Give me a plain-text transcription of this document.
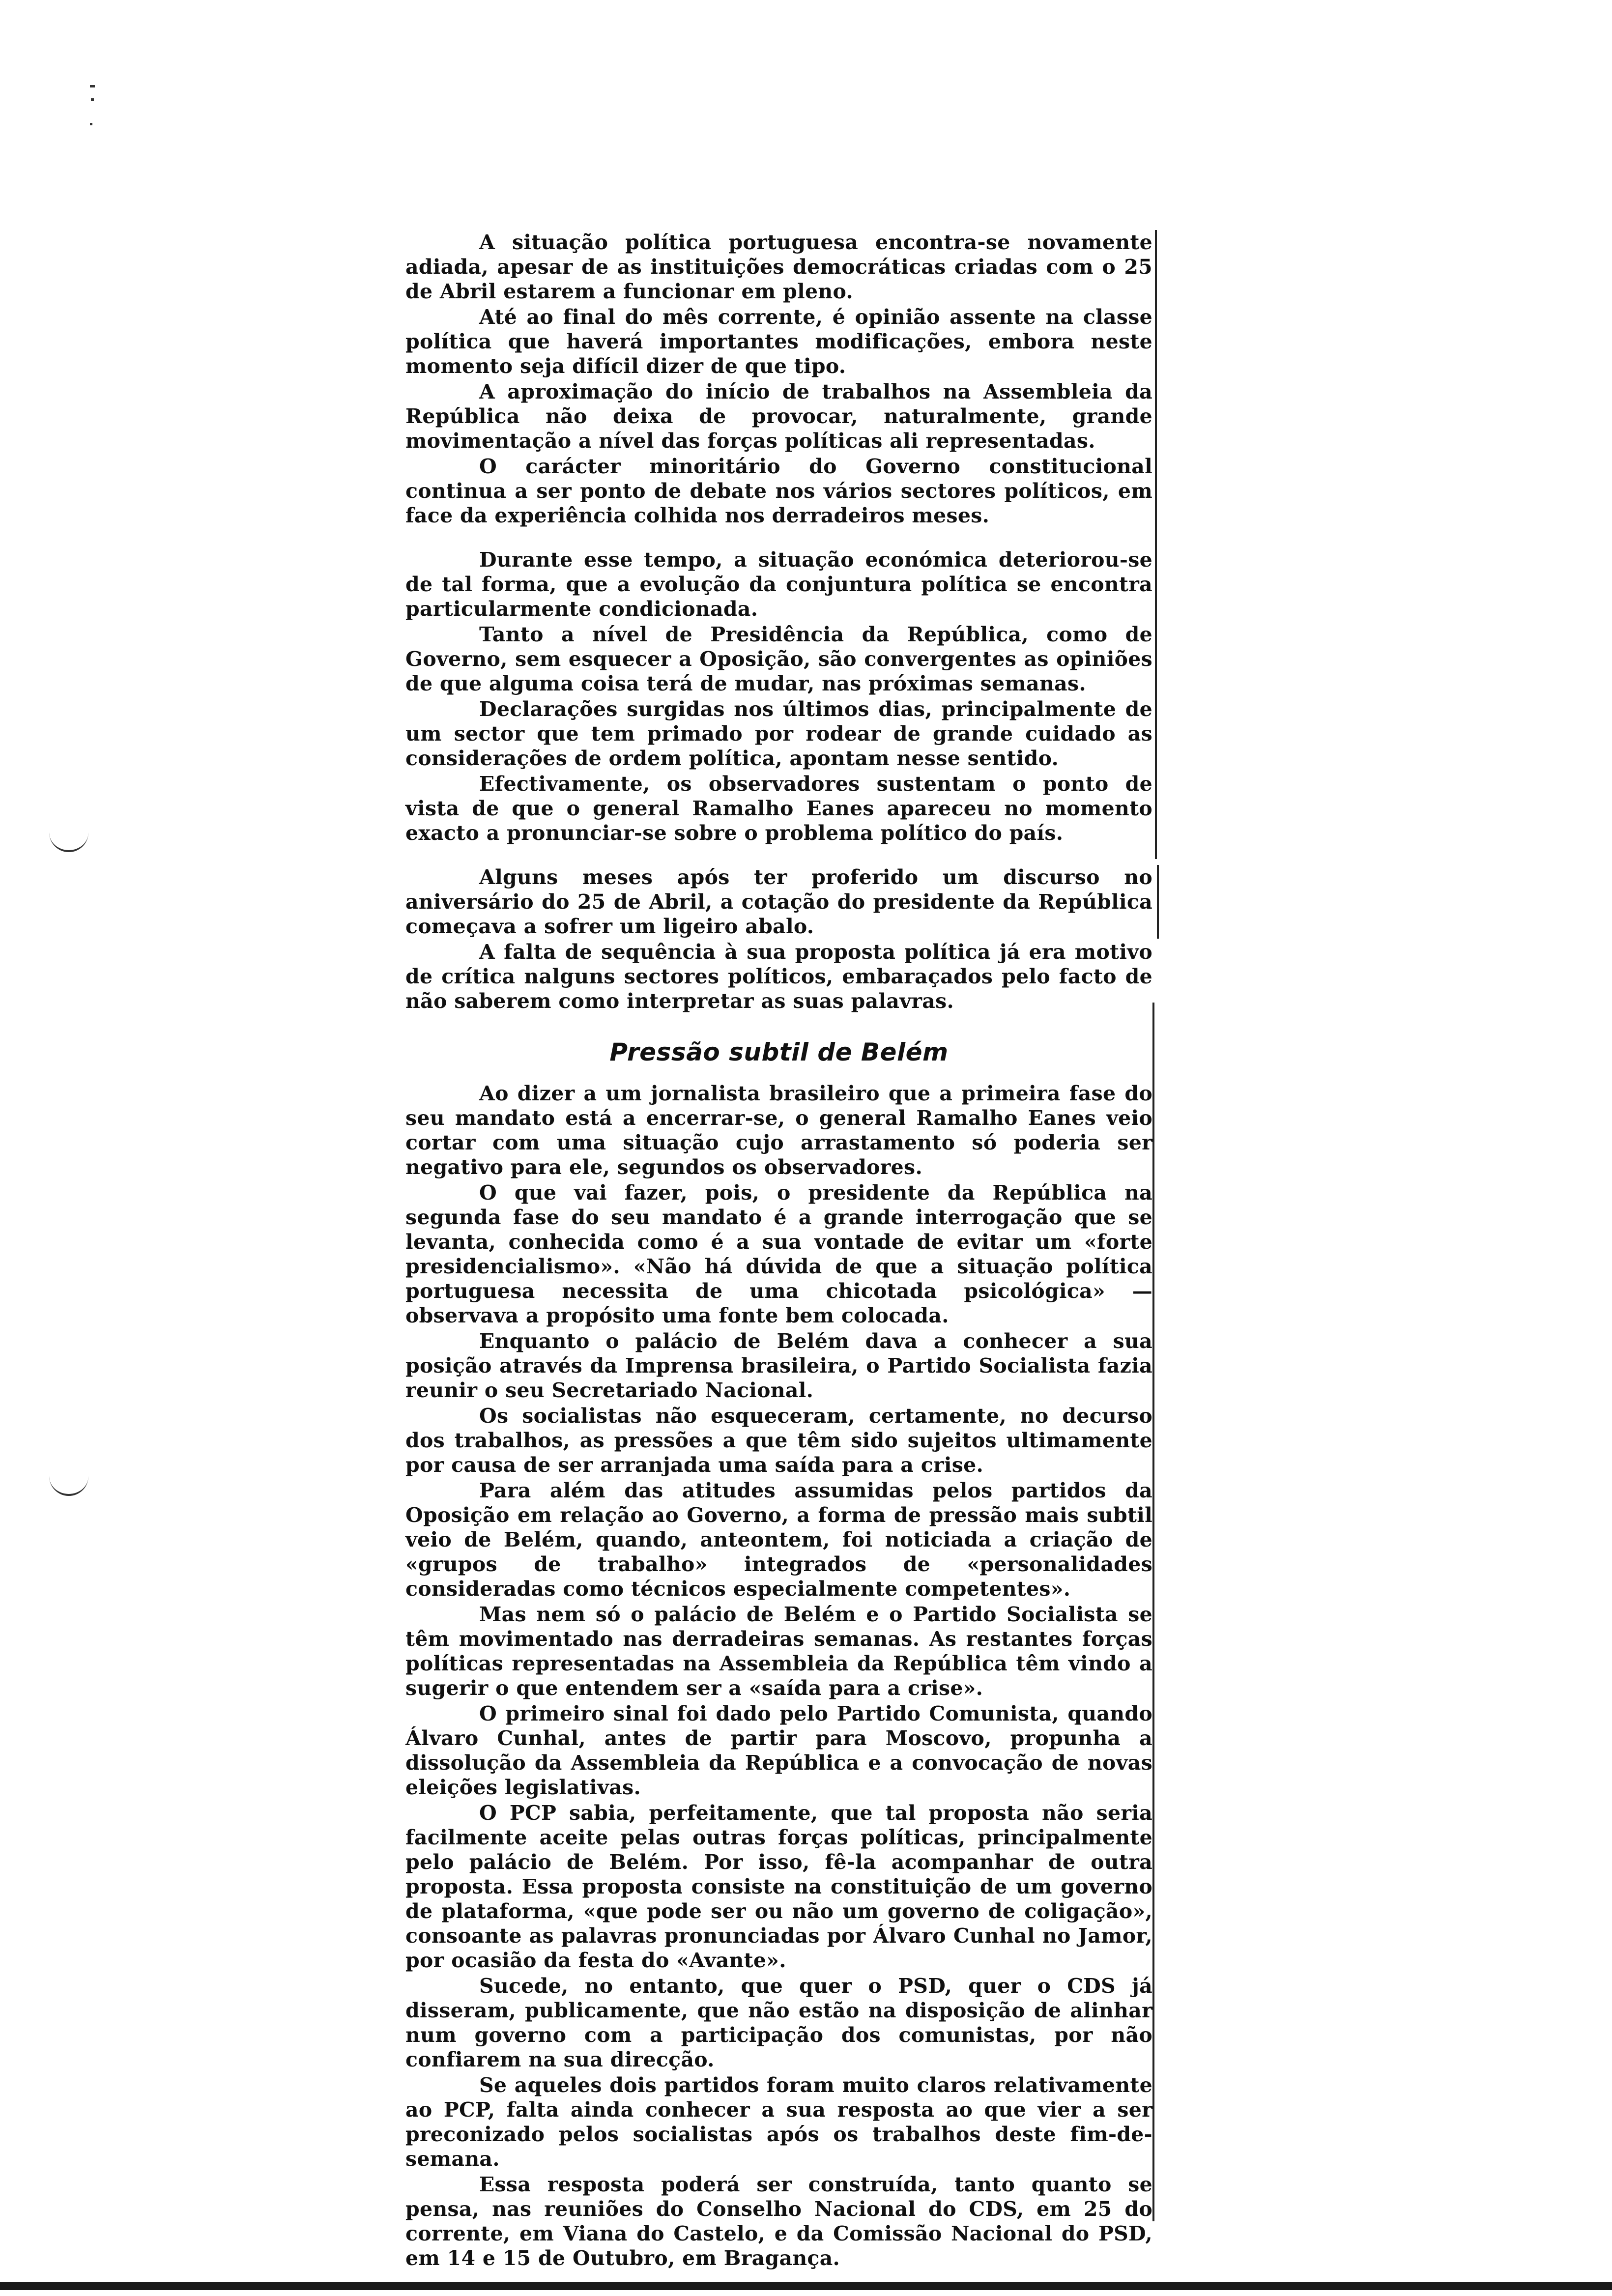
A situação política portuguesa encontra-se novamente adiada, apesar de as instituições democráticas criadas com o 25 de Abril estarem a funcionar em pleno.

Até ao final do mês corrente, é opinião assente na classe política que haverá importantes modificações, embora neste momento seja difícil dizer de que tipo.

A aproximação do início de trabalhos na Assembleia da República não deixa de provocar, naturalmente, grande movimentação a nível das forças políticas ali representadas.

O carácter minoritário do Governo constitucional continua a ser ponto de debate nos vários sectores políticos, em face da experiência colhida nos derradeiros meses.

Durante esse tempo, a situação económica deteriorou-se de tal forma, que a evolução da conjuntura política se encontra particularmente condicionada.

Tanto a nível de Presidência da República, como de Governo, sem esquecer a Oposição, são convergentes as opiniões de que alguma coisa terá de mudar, nas próximas semanas.

Declarações surgidas nos últimos dias, principalmente de um sector que tem primado por rodear de grande cuidado as considerações de ordem política, apontam nesse sentido.

Efectivamente, os observadores sustentam o ponto de vista de que o general Ramalho Eanes apareceu no momento exacto a pronunciar-se sobre o problema político do país.

Alguns meses após ter proferido um discurso no aniversário do 25 de Abril, a cotação do presidente da República começava a sofrer um ligeiro abalo.

A falta de sequência à sua proposta política já era motivo de crítica nalguns sectores políticos, embaraçados pelo facto de não saberem como interpretar as suas palavras.

Pressão subtil de Belém

Ao dizer a um jornalista brasileiro que a primeira fase do seu mandato está a encerrar-se, o general Ramalho Eanes veio cortar com uma situação cujo arrastamento só poderia ser negativo para ele, segundos os observadores.

O que vai fazer, pois, o presidente da República na segunda fase do seu mandato é a grande interrogação que se levanta, conhecida como é a sua vontade de evitar um «forte presidencialismo». «Não há dúvida de que a situação política portuguesa necessita de uma chicotada psicológica» — observava a propósito uma fonte bem colocada.

Enquanto o palácio de Belém dava a conhecer a sua posição através da Imprensa brasileira, o Partido Socialista fazia reunir o seu Secretariado Nacional.

Os socialistas não esqueceram, certamente, no decurso dos trabalhos, as pressões a que têm sido sujeitos ultimamente por causa de ser arranjada uma saída para a crise.

Para além das atitudes assumidas pelos partidos da Oposição em relação ao Governo, a forma de pressão mais subtil veio de Belém, quando, anteontem, foi noticiada a criação de «grupos de trabalho» integrados de «personalidades consideradas como técnicos especialmente competentes».

Mas nem só o palácio de Belém e o Partido Socialista se têm movimentado nas derradeiras semanas. As restantes forças políticas representadas na Assembleia da República têm vindo a sugerir o que entendem ser a «saída para a crise».

O primeiro sinal foi dado pelo Partido Comunista, quando Álvaro Cunhal, antes de partir para Moscovo, propunha a dissolução da Assembleia da República e a convocação de novas eleições legislativas.

O PCP sabia, perfeitamente, que tal proposta não seria facilmente aceite pelas outras forças políticas, principalmente pelo palácio de Belém. Por isso, fê-la acompanhar de outra proposta. Essa proposta consiste na constituição de um governo de plataforma, «que pode ser ou não um governo de coligação», consoante as palavras pronunciadas por Álvaro Cunhal no Jamor, por ocasião da festa do «Avante».

Sucede, no entanto, que quer o PSD, quer o CDS já disseram, publicamente, que não estão na disposição de alinhar num governo com a participação dos comunistas, por não confiarem na sua direcção.

Se aqueles dois partidos foram muito claros relativamente ao PCP, falta ainda conhecer a sua resposta ao que vier a ser preconizado pelos socialistas após os trabalhos deste fim-de-semana.

Essa resposta poderá ser construída, tanto quanto se pensa, nas reuniões do Conselho Nacional do CDS, em 25 do corrente, em Viana do Castelo, e da Comissão Nacional do PSD, em 14 e 15 de Outubro, em Bragança.
